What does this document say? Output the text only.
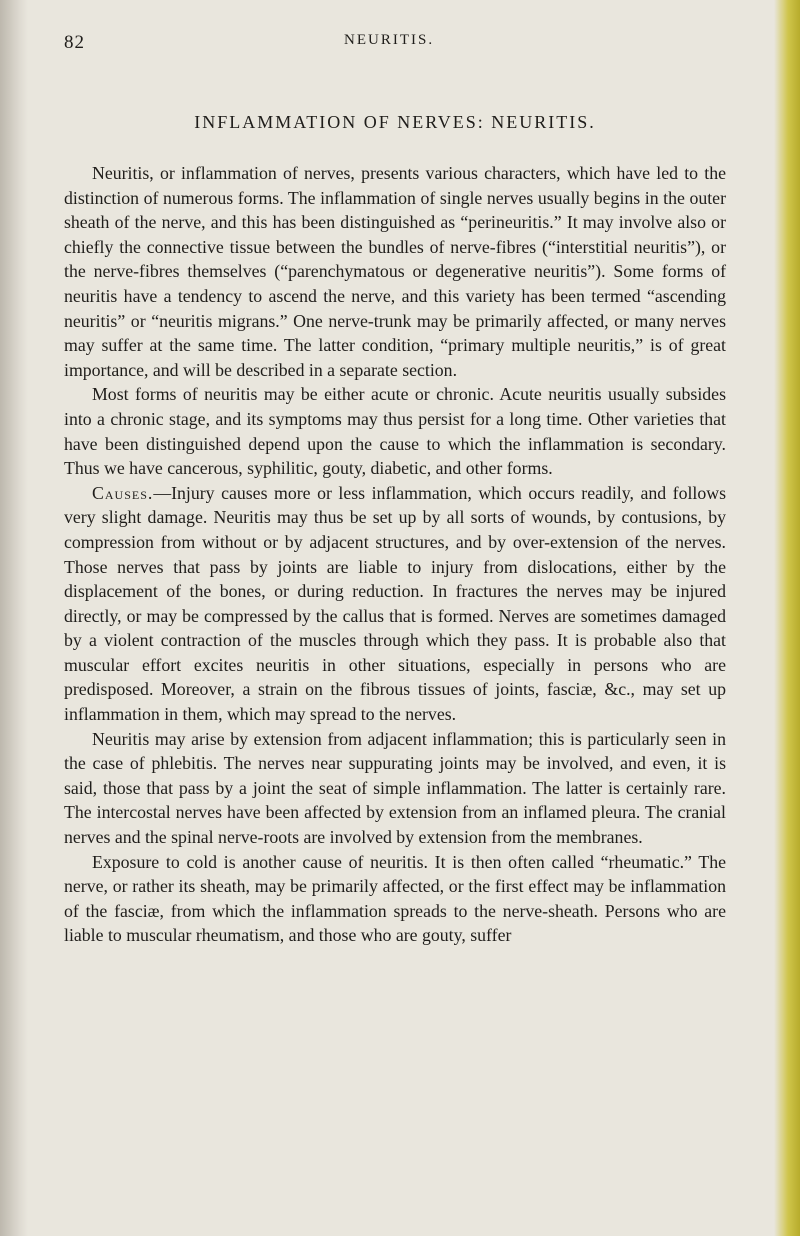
82	NEURITIS.
INFLAMMATION OF NERVES: NEURITIS.

Neuritis, or inflammation of nerves, presents various characters, which have led to the distinction of numerous forms. The inflammation of single nerves usually begins in the outer sheath of the nerve, and this has been distinguished as “perineuritis.” It may involve also or chiefly the connective tissue between the bundles of nerve-fibres (“interstitial neuritis”), or the nerve-fibres themselves (“parenchymatous or degenerative neuritis”). Some forms of neuritis have a tendency to ascend the nerve, and this variety has been termed “ascending neuritis” or “neuritis migrans.” One nerve-trunk may be primarily affected, or many nerves may suffer at the same time. The latter condition, “primary multiple neuritis,” is of great importance, and will be described in a separate section.

Most forms of neuritis may be either acute or chronic. Acute neuritis usually subsides into a chronic stage, and its symptoms may thus persist for a long time. Other varieties that have been distinguished depend upon the cause to which the inflammation is secondary. Thus we have cancerous, syphilitic, gouty, diabetic, and other forms.

Causes.—Injury causes more or less inflammation, which occurs readily, and follows very slight damage. Neuritis may thus be set up by all sorts of wounds, by contusions, by compression from without or by adjacent structures, and by over-extension of the nerves. Those nerves that pass by joints are liable to injury from dislocations, either by the displacement of the bones, or during reduction. In fractures the nerves may be injured directly, or may be compressed by the callus that is formed. Nerves are sometimes damaged by a violent contraction of the muscles through which they pass. It is probable also that muscular effort excites neuritis in other situations, especially in persons who are predisposed. Moreover, a strain on the fibrous tissues of joints, fasciæ, &c., may set up inflammation in them, which may spread to the nerves.

Neuritis may arise by extension from adjacent inflammation; this is particularly seen in the case of phlebitis. The nerves near suppurating joints may be involved, and even, it is said, those that pass by a joint the seat of simple inflammation. The latter is certainly rare. The intercostal nerves have been affected by extension from an inflamed pleura. The cranial nerves and the spinal nerve-roots are involved by extension from the membranes.

Exposure to cold is another cause of neuritis. It is then often called “rheumatic.” The nerve, or rather its sheath, may be primarily affected, or the first effect may be inflammation of the fasciæ, from which the inflammation spreads to the nerve-sheath. Persons who are liable to muscular rheumatism, and those who are gouty, suffer
